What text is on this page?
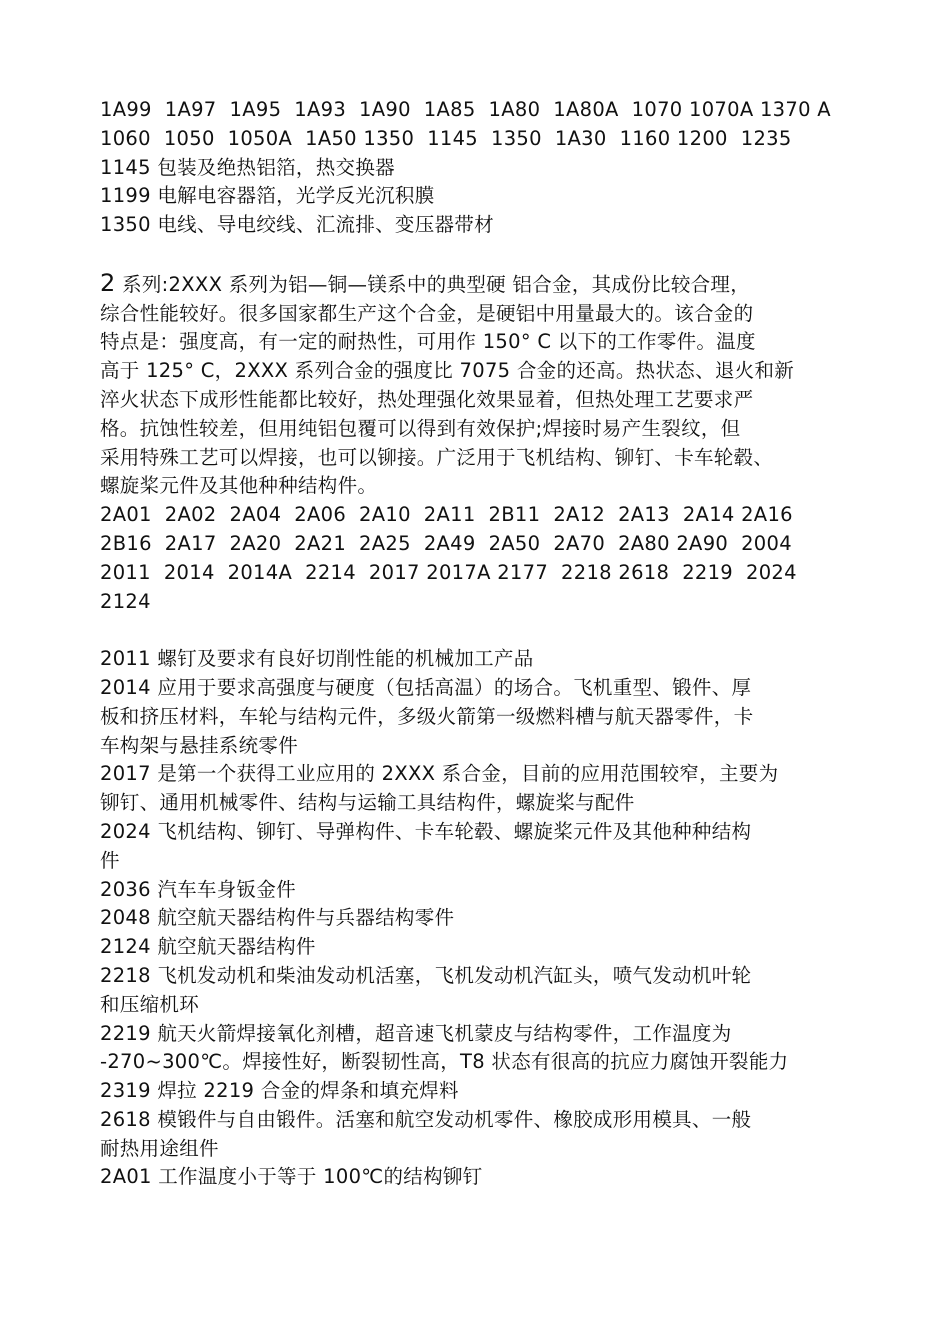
1A99  1A97  1A95  1A93  1A90  1A85  1A80  1A80A  1070 1070A 1370 A
1060  1050  1050A  1A50 1350  1145  1350  1A30  1160 1200  1235
1145 包装及绝热铝箔，热交换器
1199 电解电容器箔，光学反光沉积膜
1350 电线、导电绞线、汇流排、变压器带材
2 系列:2XXX 系列为铝—铜—镁系中的典型硬 铝合金，其成份比较合理，
综合性能较好。很多国家都生产这个合金，是硬铝中用量最大的。该合金的
特点是：强度高，有一定的耐热性，可用作 150° C 以下的工作零件。温度
高于 125° C，2XXX 系列合金的强度比 7075 合金的还高。热状态、退火和新
淬火状态下成形性能都比较好，热处理强化效果显着，但热处理工艺要求严
格。抗蚀性较差，但用纯铝包覆可以得到有效保护;焊接时易产生裂纹，但
采用特殊工艺可以焊接，也可以铆接。广泛用于飞机结构、铆钉、卡车轮毂、
螺旋桨元件及其他种种结构件。
2A01  2A02  2A04  2A06  2A10  2A11  2B11  2A12  2A13  2A14 2A16
2B16  2A17  2A20  2A21  2A25  2A49  2A50  2A70  2A80 2A90  2004
2011  2014  2014A  2214  2017 2017A 2177  2218 2618  2219  2024
2124
2011 螺钉及要求有良好切削性能的机械加工产品
2014 应用于要求高强度与硬度（包括高温）的场合。飞机重型、锻件、厚
板和挤压材料，车轮与结构元件，多级火箭第一级燃料槽与航天器零件，卡
车构架与悬挂系统零件
2017 是第一个获得工业应用的 2XXX 系合金，目前的应用范围较窄，主要为
铆钉、通用机械零件、结构与运输工具结构件，螺旋桨与配件
2024 飞机结构、铆钉、导弹构件、卡车轮毂、螺旋桨元件及其他种种结构
件
2036 汽车车身钣金件
2048 航空航天器结构件与兵器结构零件
2124 航空航天器结构件
2218 飞机发动机和柴油发动机活塞，飞机发动机汽缸头，喷气发动机叶轮
和压缩机环
2219 航天火箭焊接氧化剂槽，超音速飞机蒙皮与结构零件，工作温度为
-270~300℃。焊接性好，断裂韧性高，T8 状态有很高的抗应力腐蚀开裂能力
2319 焊拉 2219 合金的焊条和填充焊料
2618 模锻件与自由锻件。活塞和航空发动机零件、橡胶成形用模具、一般
耐热用途组件
2A01 工作温度小于等于 100℃的结构铆钉
